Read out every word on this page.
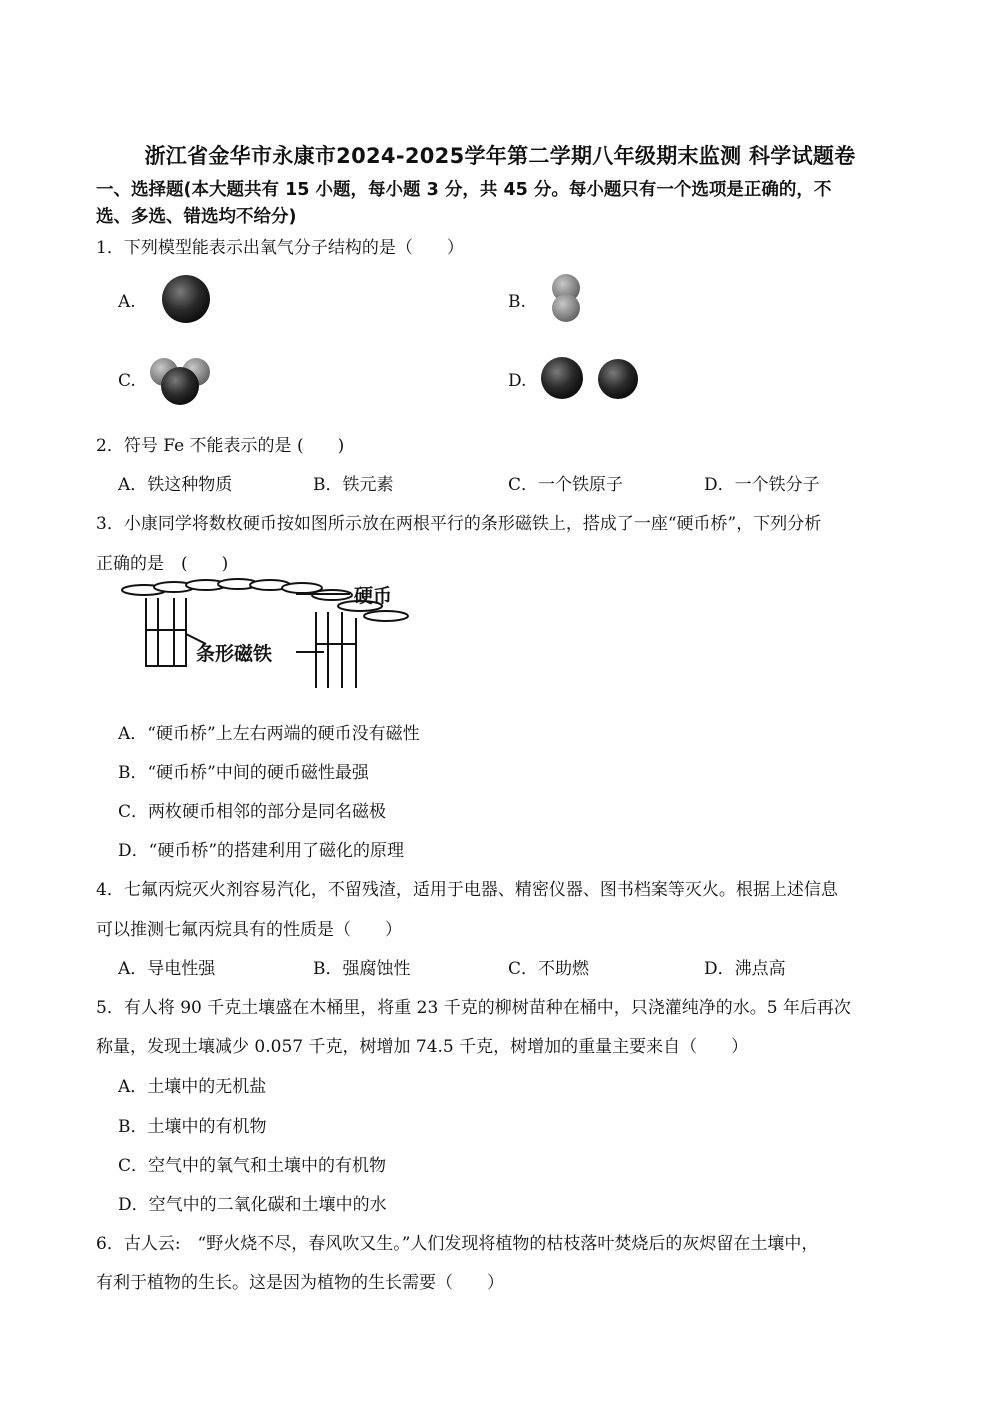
浙江省金华市永康市2024-2025学年第二学期八年级期末监测 科学试题卷
一、选择题(本大题共有 15 小题，每小题 3 分，共 45 分。每小题只有一个选项是正确的，不
选、多选、错选均不给分)
1．下列模型能表示出氧气分子结构的是（　　）
A.	B.
C.	D.
2．符号 Fe 不能表示的是 (　　)
A．铁这种物质	B．铁元素	C．一个铁原子	D．一个铁分子
3．小康同学将数枚硬币按如图所示放在两根平行的条形磁铁上，搭成了一座“硬币桥”，下列分析
正确的是　(　　)
硬币
条形磁铁
A．“硬币桥”上左右两端的硬币没有磁性
B．“硬币桥”中间的硬币磁性最强
C．两枚硬币相邻的部分是同名磁极
D．“硬币桥”的搭建利用了磁化的原理
4．七氟丙烷灭火剂容易汽化，不留残渣，适用于电器、精密仪器、图书档案等灭火。根据上述信息
可以推测七氟丙烷具有的性质是（　　）
A．导电性强	B．强腐蚀性	C．不助燃	D．沸点高
5．有人将 90 千克土壤盛在木桶里，将重 23 千克的柳树苗种在桶中，只浇灌纯净的水。5 年后再次
称量，发现土壤减少 0.057 千克，树增加 74.5 千克，树增加的重量主要来自（　　）
A．土壤中的无机盐
B．土壤中的有机物
C．空气中的氧气和土壤中的有机物
D．空气中的二氧化碳和土壤中的水
6．古人云:　“野火烧不尽，春风吹又生。”人们发现将植物的枯枝落叶焚烧后的灰烬留在土壤中，
有利于植物的生长。这是因为植物的生长需要（　　）
